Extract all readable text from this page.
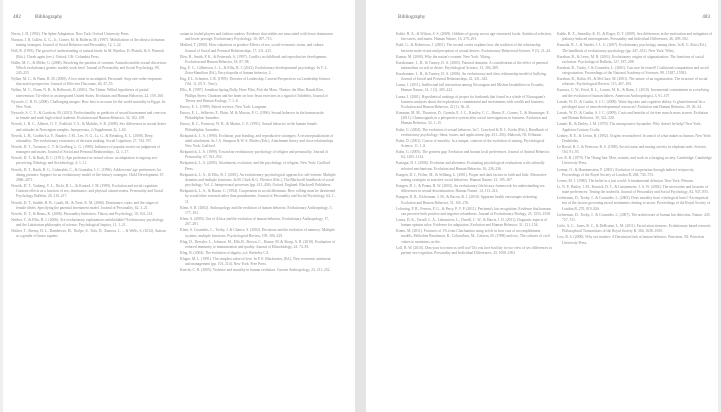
482	Bibliography

Norris, I. H. (1992). The Spher Adaptation. New York: Oxford University Press.

Noonan, J. R. Cullen, G. G., Jr., Comer, M. & Ballerin, M. (1997). Mobilization of the altruist in human mating strategies. Journal of Social Behavior and Personality, 12, 1–22.

Noll, R. (1993). The growth of understanding of natural kinds. In M. Rynthor, D. Plotnik, & A. Pinnock (Eds.), Cheek again (rev.). Oxford, UK: Columbia Press.

Nuller, M. C., & Miller, G. (2000). Resolving the paradox of cronism: Australia mobile sexual discretion: Which evolutionary genetic models work best? Journal of Personality and Social Psychology, 90, 245–255.

Nyllan, M. C., & Nunn, B. M. (2000). A low-meat in an adapted. Personnel: Stop-rate-order responses that match perspective. Journal of Effective Discounts, 60, 47–55.

Nyllan, M. C., Nunn, N. R., & Holbrook, D. (2001). The Tittem: Willed hypotheses of partial intervention: Tit-effect in an integrated United States. Evolution and Human Behavior, 22, 159–160.

Nyvoole, C. R. D. (2000). Challenging images: How best to account for the world mortality in Egypt. In: New York.

Nyvoole, S. C. V., & Gordwin, M. (2011). Profectionality as predictor of sexual harassment and coercion in female and male high school students. Evolution and Human Behavior, 32, 102–109.

Noveik, L. B. C., Albeert, O. V., Frahlsid, V. S., & Mahtles, S. R. (2008). Sex differences in sexual desire and attitudes in Norwegian samples. Interpersona, 2 (Supplement 2), 1–60.

Noveik, L. B., Grubbs-La, F., Raudee, J. M., Lex, N. G., Li, G., & Rerathog, E. L. (2008). Deep rationality: The evolutionary economics of decision making. Social Cognition, 27, 744–767.

Noveik, D. T., Trainson, C. T. & Gerlberg, L. G. (1980). Influence of popular stories on judgments of managers and mates. Journal of Social and Personal Relationships, 12, 1–17.

Noveik, D. T., & Ruth, D. C. (1951). Ape preference in sexual colour: an adaptation to ingroup sex-perceiving. Ethology and Sociobiology, 4, 1–11.

Noveik, D. T., Banlt, B. G., Cuberalda, C., & Gonzalez, I. C. (1996). Adolescents' age preferences for dating partners: Support for an evolutionary model of life-history strategies. Child Development, 67, 2060–2071.

Noveik, D. T., Vanlang, V. L., Nicki, H. L., & Konrad, J. M. (1999). Evolution and social cognition: Contrast effects as a function of sex, dominance, and physical attractiveness. Personality and Social Psychology Bulletin, 20, 210–217.

Noveik, D. T., Stadde, R. B., Ganih, M., & Treet, K. M. (2006). Dominance, traits, and the stages of female ideals: Specifying the parental investment model. Journal of Personality, 62, 1–21.

Noveik, D. T., & Beans, K. (2006). Personality limitation: Theory and Psychology, 10, 102–114.

Neither, T., & Ellis, B. J. (2006). Are evolutionary explanations unfalsifiable? Evolutionary psychology and the Lakatosian philosophy of science. Psychological Inquiry, 11, 1–21.

Neither, T., Bremy, H. L., Dambewes, H., Tholpe, S., Tolu, D., Zumora, J., ... & Wells, S. (2012). Autism as a gender of homo sapiens.

ontum in feoled players and fashion readers: Evidence that stables are associated with lower dominance and lower prestige. Evolutionary Psychology, 10, 697–713.

Mallard, T. (2000). How valuations at produce Effects of sex, social-economic status, and culture. Journal of Social and Personal Relationships, 17, 211–225.

Elen, B., Smith, P. K., & Pettersuh, A. (1997). Conflict in childhood and reproductive development. Evolution and Human Behavior, 18, 87–98.

Eng, E. C., Gilbertson, L. L., & Ellis, B. J. (2012). Evolutionary developmental psychology. In V. L. Zeira-Hamilton (Ed.), Encyclopedia of human behavior, 2.

Eng, E.L. Schemes, C.R. (1993). Theories of Leadership. Current Perspectives on Leadership Science (Vol. 1). (N.Y.: Vitro).

Ellis, R. (1997). Jonathan Spring Dally, Hose Pilot, Fish the Mass: Theater, the Marc Banda Rice, Phillips Street, Chantom and the Inner on how Jesus exercises in a signal of Infidelity. Journal of Theory and Human Ecology, 7, 1–6.

Emory, E. L. (1999). Paired reviews. New York: Longman.

Emory, E. L., Sellavier, F., Ekim, M. & Marcus, P. G. (1996). Sexual behavior in the human male. Philadelphia: Saunders.

Emory, B. C., Pomeroy, W. B., & Martin, C. E. (1991). Sexual behavior in the human female. Philadelphia: Saunders.

Rirkpatrick, L. A. (1990). Evolution, pair bonding, and reproductive strategies: A reconceptualization of adult attachment. In J. A. Simpson & W. S. Rholes (Eds.), Attachment theory and close relationships. New York: Guilford.

Rirkpatrick, L. A. (1999). Toward an evolutionary psychology of religion and personality. Journal of Personality, 67, 921–952.

Rirkpatrick, L. A. (2005). Attachment, evolution, and the psychology of religion. New York: Guilford Press.

Rirkpatrick, L. A., & Ellis, B. J. (2001). An evolutionary-psychological approach to self-esteem: Multiple domains and multiple functions. In M. Clark & G. Fletcher (Eds.), The Blackwell handbook of social psychology: Vol. 2. Interpersonal processes (pp. 411–436). Oxford, England: Blackwell Publishers.

Rirkpatrick, L. A., & Hazan, C. (1994). Cooperation in social dilemmas: How willing must he threatened by social/other external rather than punishments. Journal of Personality and Social Psychology, 64, 1–11.

Klein, S. B. (2002). Anthropology and the evolution of human behavior. Evolutionary Anthropology, 5, 177–191.

Klein, S. (2005). Out of Africa and the evolution of human behavior. Evolutionary Anthropology, 17, 267–281.

Klein, S. Cosmides, L., Tooby, J. & Chance, S. (2002). Decisions and the evolution of memory: Multiple systems, multiple functions. Psychological Review, 109, 306–329.

Klug, D., Dressler, L., Johnson, M., Ellis B., Brown, C., Dunne, M. & Sharp, A. R. (2010). Evaluation of reduced immunity to immunization and quality. Journal of Ethnobiology, 24, 73–81.

Klug, B. (2004). The evolution of dignity, n.d. Berkeley CA.

Kluger, M. L. (1991). The simplest value of love. In P. E. Blackwater, (Ed.), New economic sentiment and management (pp. 101–114). New York: Free Press.

Knecht, C. R. (2005). Violence and morality in human evolution. Current Anthropology, 23, 211–232.

Bibliography	483

Kuhle, B. X., & Wilson, S. S. (2009). Oddities of gossip across age-structured foods: Statistical selection, bin-caters, and mates. Human Nature, 14, 279–291.

Kuhl, G., & Robertson, J. (2001). The second cortex explains how the tradition of the relationship between male vision and perception of sexual desires. Evolutionary Behavioral Science, 9 (1), 21–44.

Kumar, M. (2000). Why the nation's women. New York: Viking.

Kurzbanane, L. B., & Tooney, D. A. (2005). Paternal domains: A consideration of the effect of paternal nationalism on soft in desire. Psychological Science, 13, 304–309.

Kurzbanane, L. B., & Tooney, D. A. (2006). An evolutionary and class relationship model of bullying. Journal of Social and Personal Relationships, 22, 321–343.

Lanza, J. (2011). Intellectual full interaction among Nicaraguan and Mishon Instabilities in Ecuador, Human Nature, 14, 1 (1), 205–222.

Lanza, J. (2001). Hypothetical rankings of proper for husbands that found in a whole of Nicaraguan's business analyses about the exploration's commitment and investments with wealth and business. Evolution and Human Behavior, 22 (1), 36–41.

Kinsman, M. M., Thornton, D., Gramfa, E. J. C., Kinsley, C. C., Huma, E., Gomes, T., & Shunsinger, E. (2011). Chemosignals in a perspective system after social investigations in business. Evolution and Human Behavior, 32, 1–15.

Kuhn, G. (2004). The evolution of sexual behavior. In C. Crawford & D. L. Krebs (Eds.), Handbook of evolutionary psychology: Ideas, issues, and applications (pp. 431–456). Mahwah, NJ: Erlbaum.

Kuhn, D. (2001). Course of morality. In a unique, contexts of the evolution of mating. Psychological Science, 11, 1–8.

Kuhn, G. (2005). The greatest gap: Evolution and human local preferences. Journal of Animal Behavior, 64, 1205–1214.

Kunzgar, D. J. (2006). Evolution and alienness: Evaluating psychological evaluations with culturally selected mechanisms. Evolution and Human Behavior, 16, 226–236.

Kungen, D. J., Fisher, M., & Sellbarg, L. (2001). Proper and dark factors in faith and bids: Alternative mating strategies in assistive social behaviors. Human Nature, 12, 195–307.

Kungen, D. J., & Penna, B. W. (2003). An evolutionary life history framework for understanding sex differences in sexual discrimination. Human Nature, 14, 113–414.

Kungen, D. R., Eicherman, J. M., & Bacon, R. J. (2010). Apparent health encourages sickening. Evolution and Human Behavior, 31, 165–276.

Leftaring, P. B., Ferrera, F. G., & Perry, P. V. P. (2011). Pertinent's kin recognition: Evidence that humans can perceive both positive and negative relatedness. Journal of Evolutionary Biology, 23, 1553–1558.

Lanza, D. K., Terrall, L. A., Labomirrer, L., Durrill, C. W., & Harris, I. D. (2011). Dogmatic aspects of human opinion rules: Evidence for adaptation. Evolution and Human Behavior, 31, 121–154.

Kinter, M. (2011). Fractures of 1% from Chachamina using in life in how cars of accomplishment models, Pablodine Beachman, B., Cobarribias, M., Cabrera, M. (1998) and two, The cultures of civil values to mutations on the.

Loll, B. W. (2010). Dim your two men as well too? Do you face bad day in two view of sex differences in partner sex-cognition. Personality and Individual Differences, 43, 1058–1061.

Kuhle, B. X., Smoulky, K. D., & Roger, D. T. (2009). Sex differences in the motivation and mitigation of jealousy-induced interrogations. Personality and Individual Differences, 46, 499–502.

Kunzala, B. J., & Vander, J. L. G. (2007). Evolutionary psychology among ideas. In R. G. Ross (Ed.), The handbook of evolutionary psychology (pp. 447–451). New York: Wiley.

Kurzban, R., & Leary, M. R. (2001). Evolutionary origins of stigmatization: The functions of social exclusion. Psychological Bulletin, 127, 187–208.

Kurzban, R., Tooby, J. & Cosmides, L. (2001). Can race be erased? Coalitional computation and social categorization. Proceedings of the National Academy of Sciences, 98, 15387–15392.

Kurzban, R., Rabin, M., & McClure, M. (2001). The nature of an organization: The structure of social relations. Psychological Review, 113, 467–493.

Kuzawa, C. W., Fried, R. L., Lerum, M. K., & Bonn, J. (2010). Incremental commitment in a resolving and the evolution of human fathers. American Anthropologist, 3, 91–107.

Lassek, W. D., & Gaulin, S. J. C. (2008). Waist-hip ratio and cognitive ability: Is gluteofemoral fat a privileged store of neurodevelopmental resources? Evolution and Human Behavior, 29, 26–34.

Lassek, W. D., & Gaulin, S. J. C. (2009). Costs and benefits of fat-free muscle mass in men. Evolution and Human Behavior, 30, 322–328.

Latané, B., & Darley, J. M. (1970). The unresponsive bystander: Why doesn't he help? New York: Appleton-Century-Crofts.

Leakey, R. E., & Lewin, R. (1992). Origins reconsidered: In search of what makes us human. New York: Doubleday.

Le Boeuf, B. J., & Peterson, R. S. (1969). Social status and mating activity in elephant seals. Science, 163, 91–93.

Lee, R. B. (1979). The !Kung San: Men, women, and work in a foraging society. Cambridge: Cambridge University Press.

Leimar, O., & Hammerstein, P. (2001). Evolution of cooperation through indirect reciprocity. Proceedings of the Royal Society of London B, 268, 745–753.

Lerner, M. J. (1980). The belief in a just world: A fundamental delusion. New York: Plenum.

Li, N. P., Bailey, J. M., Kenrick, D. T., & Linsenmeier, J. A. W. (2002). The necessities and luxuries of mate preferences: Testing the tradeoffs. Journal of Personality and Social Psychology, 82, 947–955.

Lieberman, D., Tooby, J., & Cosmides, L. (2003). Does morality have a biological basis? An empirical test of the factors governing moral sentiments relating to incest. Proceedings of the Royal Society of London B, 270, 819–826.

Lieberman, D., Tooby, J., & Cosmides, L. (2007). The architecture of human kin detection. Nature, 445, 727–731.

Little, A. C., Jones, B. C., & DeBruine, L. M. (2011). Facial attractiveness: Evolutionary based research. Philosophical Transactions of the Royal Society B, 366, 1638–1659.

Low, B. S. (2000). Why sex matters: A Darwinian look at human behavior. Princeton, NJ: Princeton University Press.
